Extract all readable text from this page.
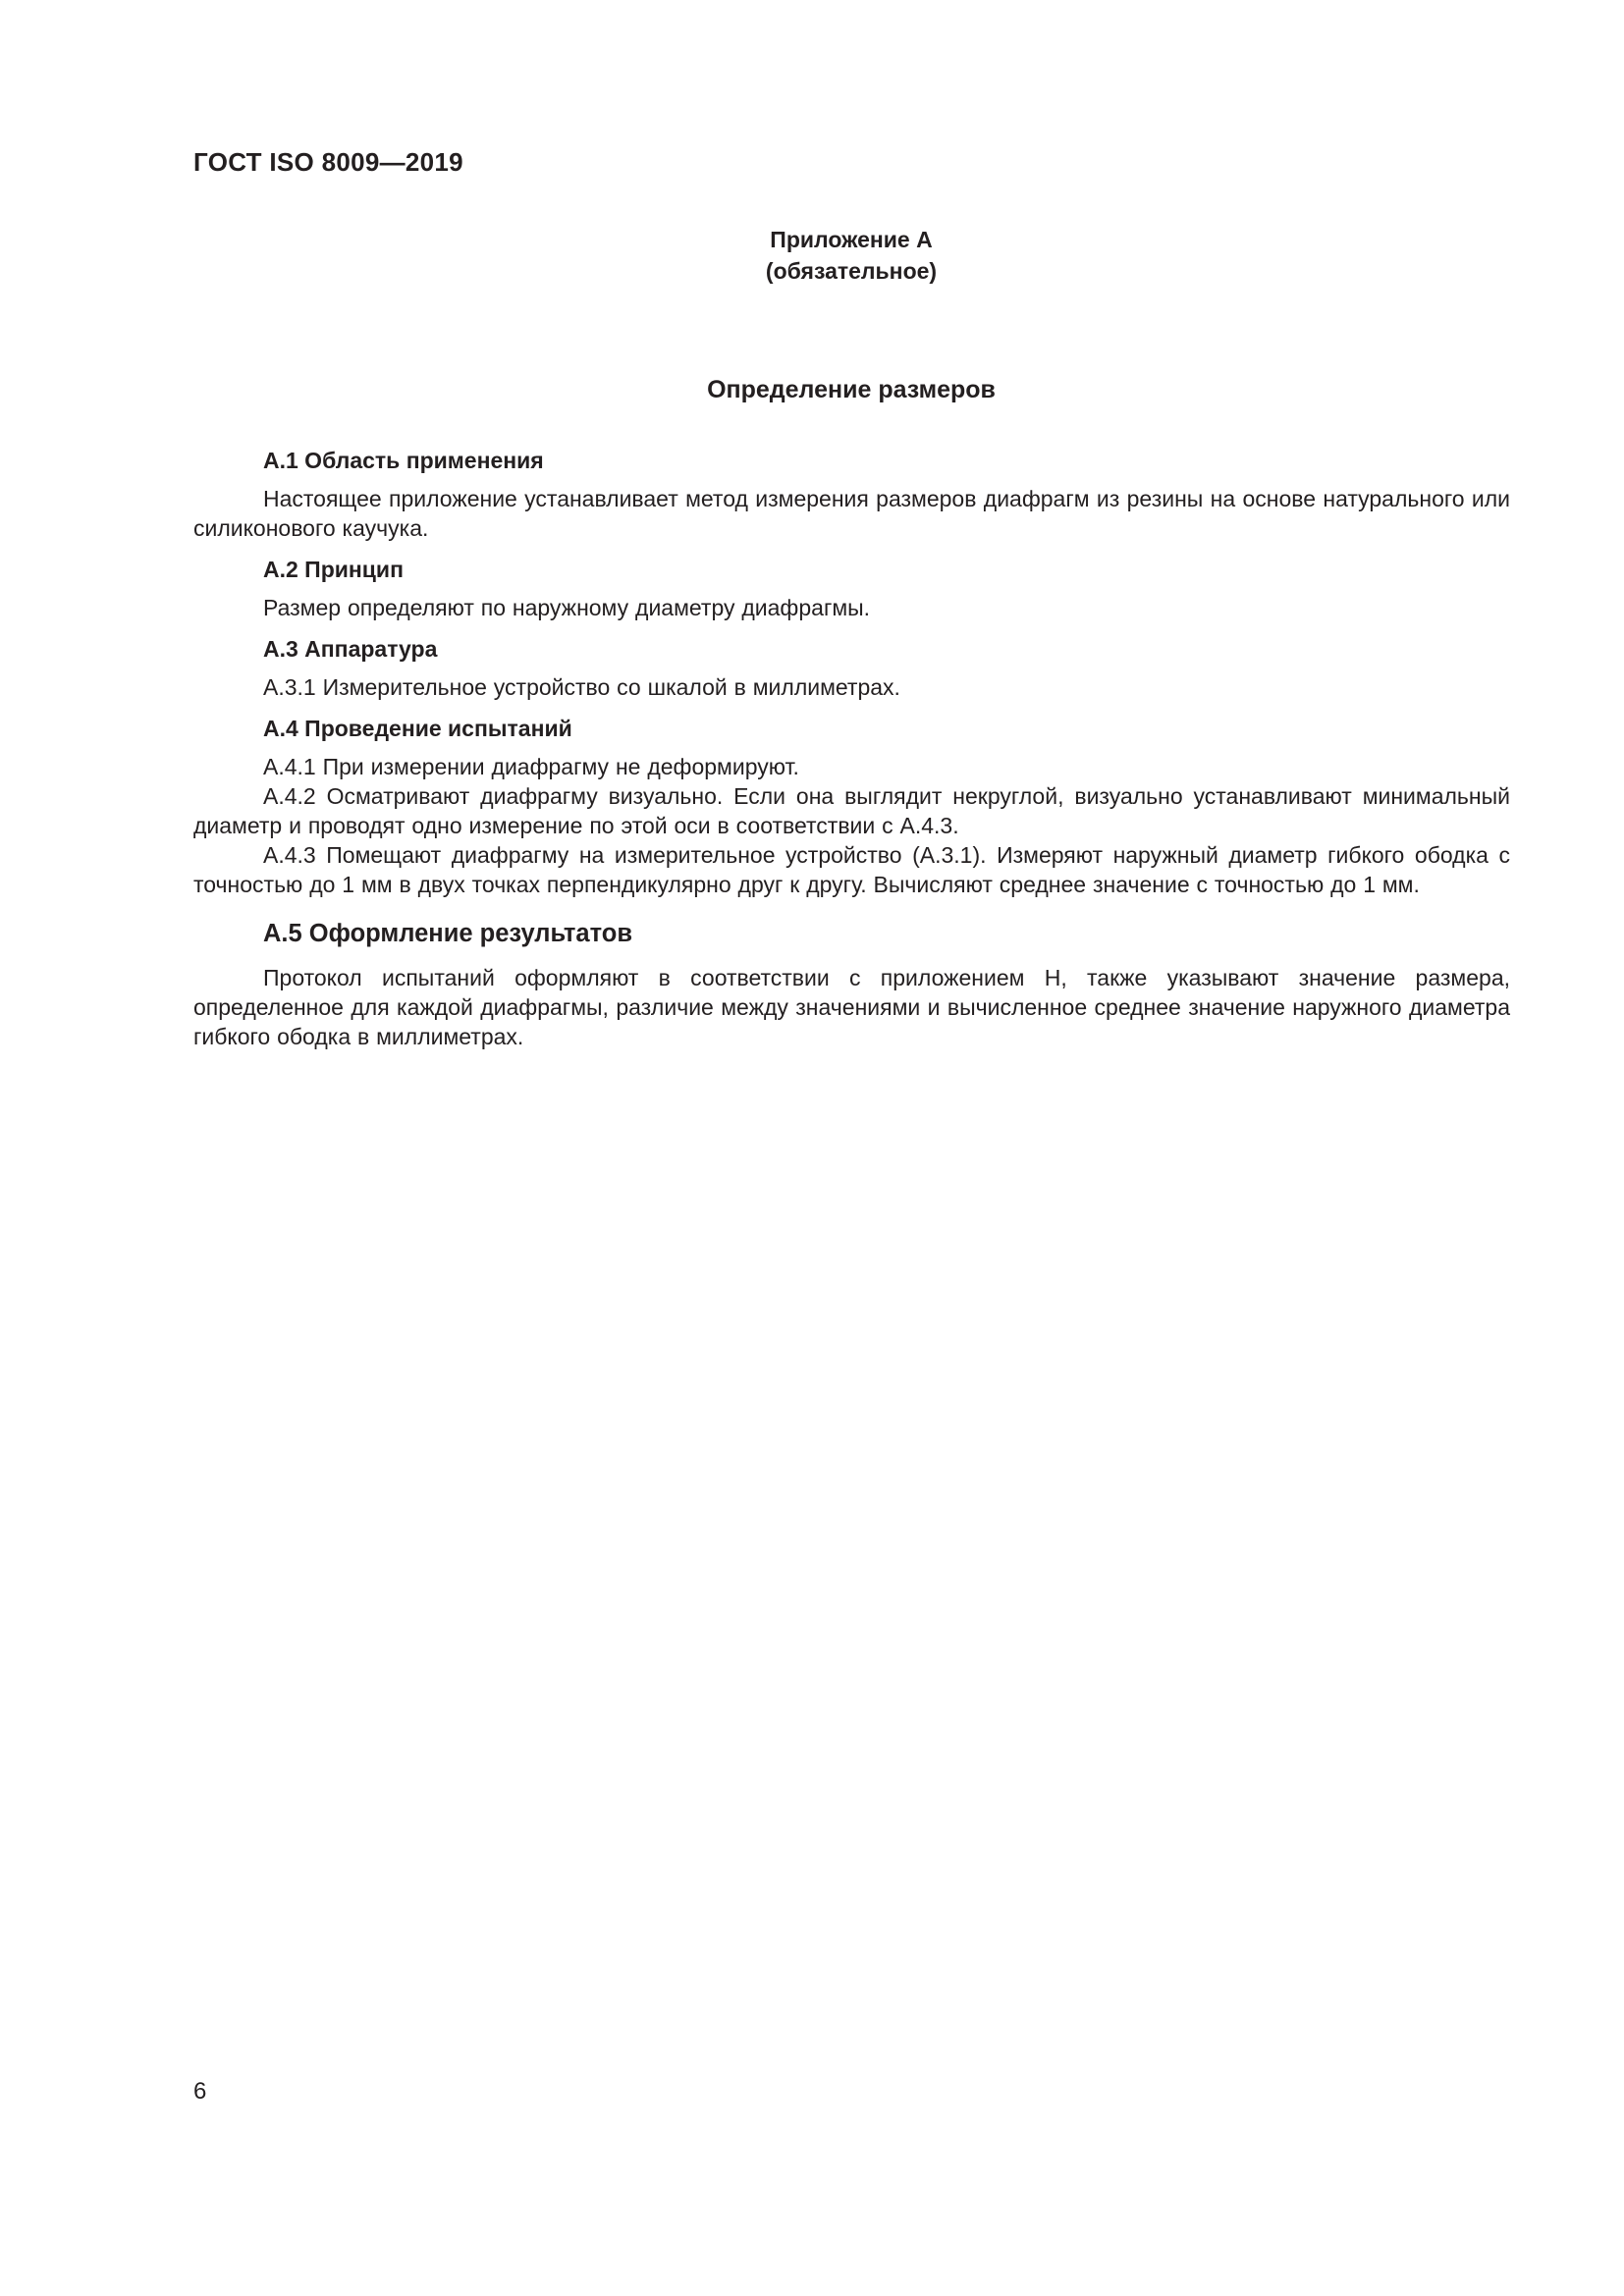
ГОСТ ISO 8009—2019
Приложение А
(обязательное)
Определение размеров
А.1 Область применения

Настоящее приложение устанавливает метод измерения размеров диафрагм из резины на основе натурального или силиконового каучука.

А.2 Принцип

Размер определяют по наружному диаметру диафрагмы.

А.3 Аппаратура

А.3.1 Измерительное устройство со шкалой в миллиметрах.

А.4 Проведение испытаний

А.4.1 При измерении диафрагму не деформируют.

А.4.2 Осматривают диафрагму визуально. Если она выглядит некруглой, визуально устанавливают минимальный диаметр и проводят одно измерение по этой оси в соответствии с А.4.3.

А.4.3 Помещают диафрагму на измерительное устройство (А.3.1). Измеряют наружный диаметр гибкого ободка с точностью до 1 мм в двух точках перпендикулярно друг к другу. Вычисляют среднее значение с точностью до 1 мм.

А.5 Оформление результатов

Протокол испытаний оформляют в соответствии с приложением H, также указывают значение размера, определенное для каждой диафрагмы, различие между значениями и вычисленное среднее значение наружного диаметра гибкого ободка в миллиметрах.

6
